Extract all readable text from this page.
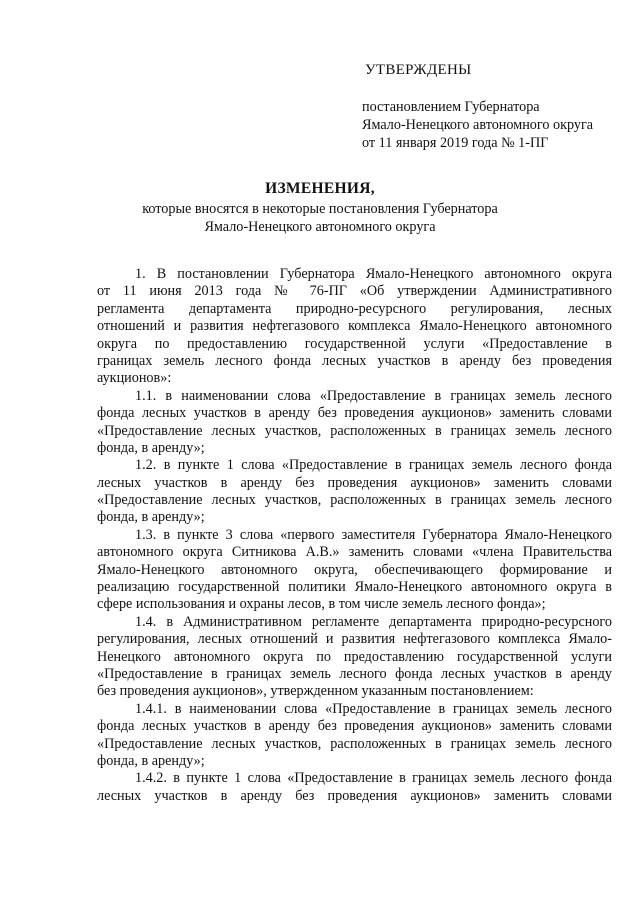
УТВЕРЖДЕНЫ
постановлением Губернатора
Ямало-Ненецкого автономного округа
от 11 января 2019 года № 1-ПГ
ИЗМЕНЕНИЯ,
которые вносятся в некоторые постановления Губернатора
Ямало-Ненецкого автономного округа
1. В постановлении Губернатора Ямало-Ненецкого автономного округа
от 11 июня 2013 года № 76-ПГ «Об утверждении Административного
регламента департамента природно-ресурсного регулирования, лесных
отношений и развития нефтегазового комплекса Ямало-Ненецкого автономного
округа по предоставлению государственной услуги «Предоставление в
границах земель лесного фонда лесных участков в аренду без проведения
аукционов»:
1.1. в наименовании слова «Предоставление в границах земель лесного
фонда лесных участков в аренду без проведения аукционов» заменить словами
«Предоставление лесных участков, расположенных в границах земель лесного
фонда, в аренду»;
1.2. в пункте 1 слова «Предоставление в границах земель лесного фонда
лесных участков в аренду без проведения аукционов» заменить словами
«Предоставление лесных участков, расположенных в границах земель лесного
фонда, в аренду»;
1.3. в пункте 3 слова «первого заместителя Губернатора Ямало-Ненецкого
автономного округа Ситникова А.В.» заменить словами «члена Правительства
Ямало-Ненецкого автономного округа, обеспечивающего формирование и
реализацию государственной политики Ямало-Ненецкого автономного округа в
сфере использования и охраны лесов, в том числе земель лесного фонда»;
1.4. в Административном регламенте департамента природно-ресурсного
регулирования, лесных отношений и развития нефтегазового комплекса Ямало-
Ненецкого автономного округа по предоставлению государственной услуги
«Предоставление в границах земель лесного фонда лесных участков в аренду
без проведения аукционов», утвержденном указанным постановлением:
1.4.1. в наименовании слова «Предоставление в границах земель лесного
фонда лесных участков в аренду без проведения аукционов» заменить словами
«Предоставление лесных участков, расположенных в границах земель лесного
фонда, в аренду»;
1.4.2. в пункте 1 слова «Предоставление в границах земель лесного фонда
лесных участков в аренду без проведения аукционов» заменить словами
